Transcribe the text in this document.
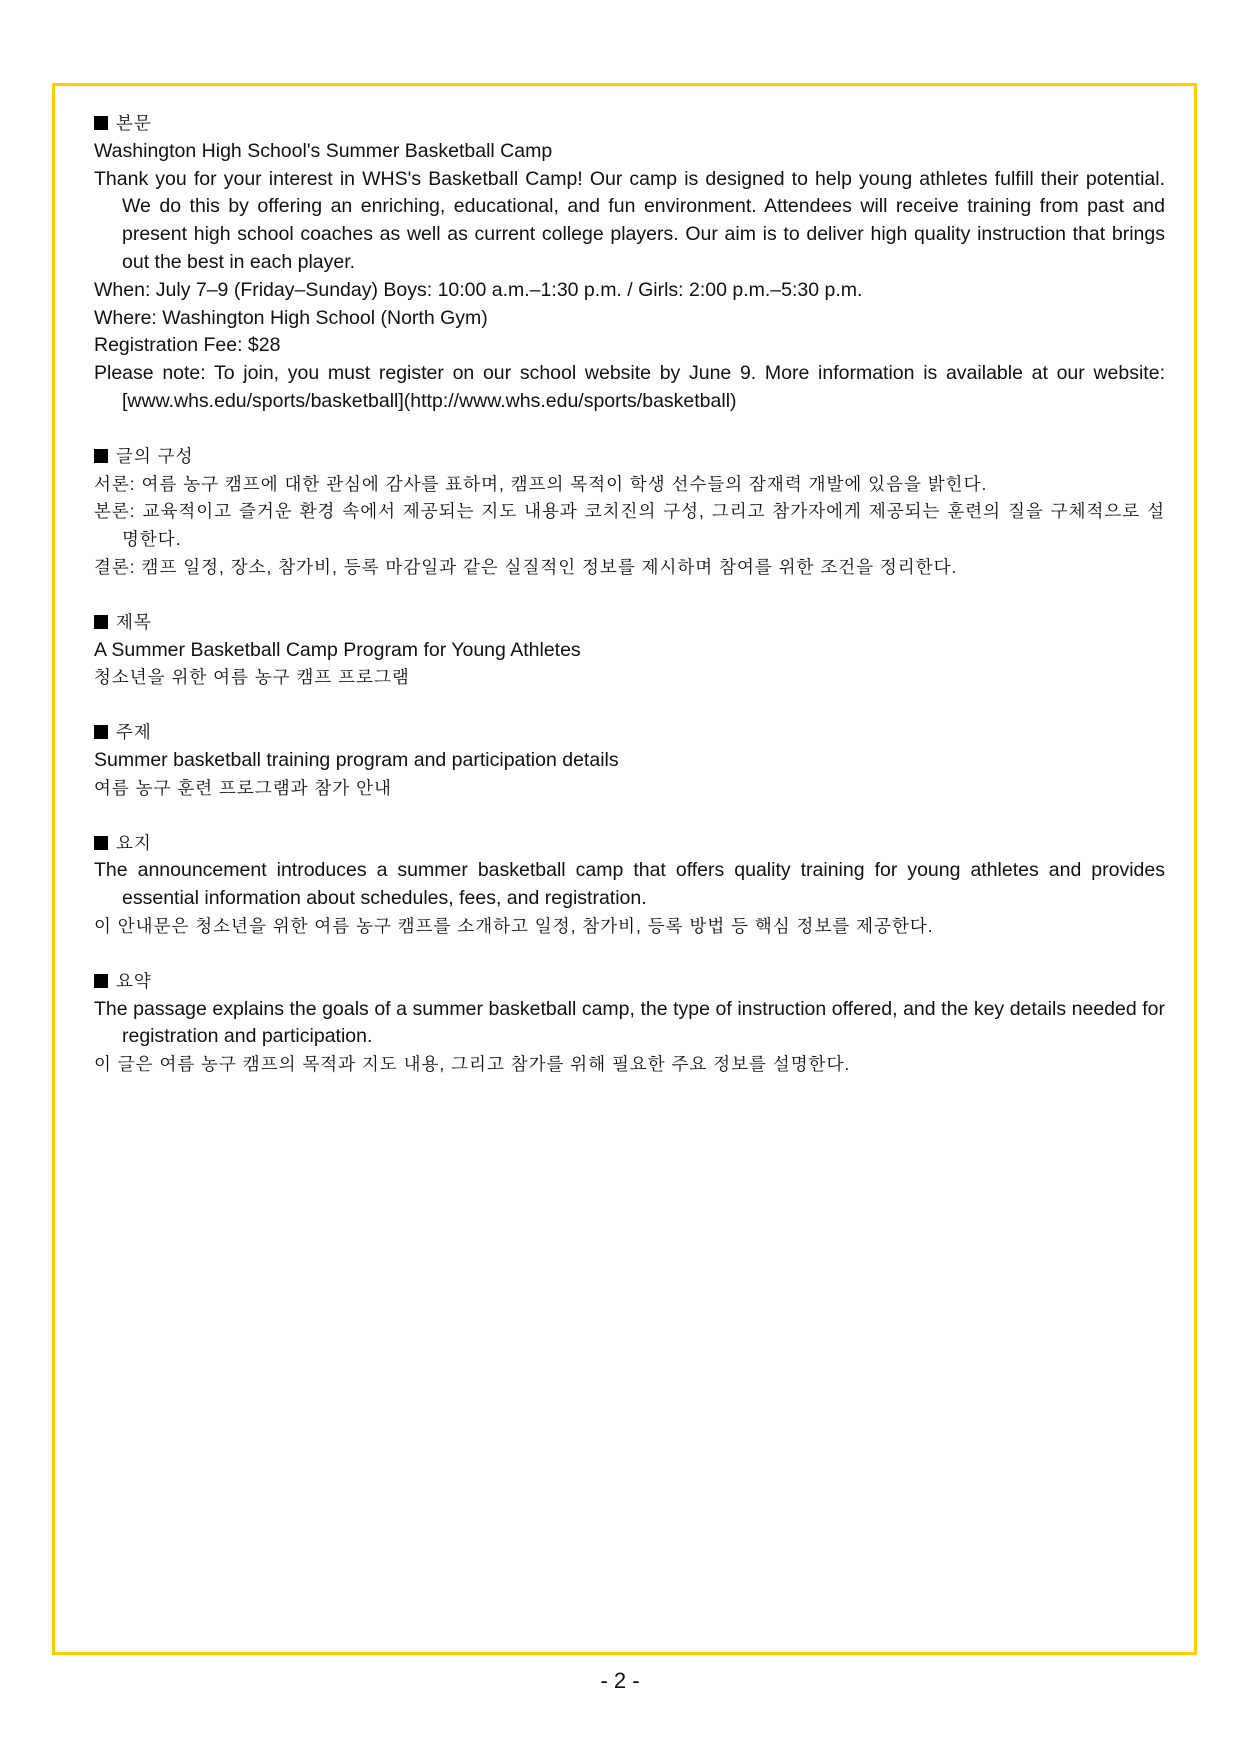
본문
Washington High School's Summer Basketball Camp
Thank you for your interest in WHS's Basketball Camp! Our camp is designed to help young athletes fulfill their potential. We do this by offering an enriching, educational, and fun environment. Attendees will receive training from past and present high school coaches as well as current college players. Our aim is to deliver high quality instruction that brings out the best in each player.
When: July 7–9 (Friday–Sunday) Boys: 10:00 a.m.–1:30 p.m. / Girls: 2:00 p.m.–5:30 p.m.
Where: Washington High School (North Gym)
Registration Fee: $28
Please note: To join, you must register on our school website by June 9. More information is available at our website: [www.whs.edu/sports/basketball](http://www.whs.edu/sports/basketball)
글의 구성
서론: 여름 농구 캠프에 대한 관심에 감사를 표하며, 캠프의 목적이 학생 선수들의 잠재력 개발에 있음을 밝힌다.
본론: 교육적이고 즐거운 환경 속에서 제공되는 지도 내용과 코치진의 구성, 그리고 참가자에게 제공되는 훈련의 질을 구체적으로 설명한다.
결론: 캠프 일정, 장소, 참가비, 등록 마감일과 같은 실질적인 정보를 제시하며 참여를 위한 조건을 정리한다.
제목
A Summer Basketball Camp Program for Young Athletes
청소년을 위한 여름 농구 캠프 프로그램
주제
Summer basketball training program and participation details
여름 농구 훈련 프로그램과 참가 안내
요지
The announcement introduces a summer basketball camp that offers quality training for young athletes and provides essential information about schedules, fees, and registration.
이 안내문은 청소년을 위한 여름 농구 캠프를 소개하고 일정, 참가비, 등록 방법 등 핵심 정보를 제공한다.
요약
The passage explains the goals of a summer basketball camp, the type of instruction offered, and the key details needed for registration and participation.
이 글은 여름 농구 캠프의 목적과 지도 내용, 그리고 참가를 위해 필요한 주요 정보를 설명한다.
- 2 -
